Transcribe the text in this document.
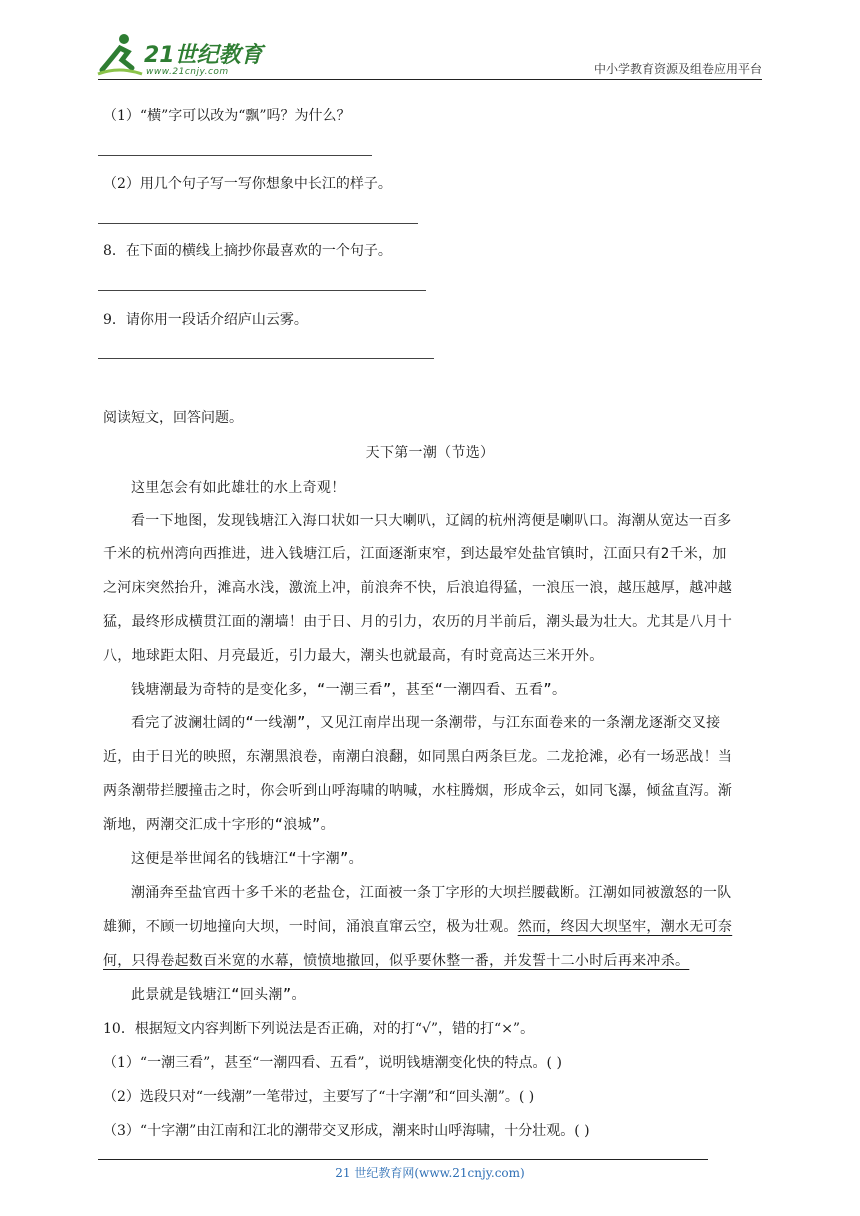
21世纪教育
www.21cnjy.com	中小学教育资源及组卷应用平台
（1）“横”字可以改为“飘”吗？为什么？
（2）用几个句子写一写你想象中长江的样子。
8．在下面的横线上摘抄你最喜欢的一个句子。
9．请你用一段话介绍庐山云雾。
阅读短文，回答问题。
天下第一潮（节选）
这里怎会有如此雄壮的水上奇观！
看一下地图，发现钱塘江入海口状如一只大喇叭，辽阔的杭州湾便是喇叭口。海潮从宽达一百多
千米的杭州湾向西推进，进入钱塘江后，江面逐渐束窄，到达最窄处盐官镇时，江面只有2千米，加
之河床突然抬升，滩高水浅，激流上冲，前浪奔不快，后浪追得猛，一浪压一浪，越压越厚，越冲越
猛，最终形成横贯江面的潮墙！由于日、月的引力，农历的月半前后，潮头最为壮大。尤其是八月十
八，地球距太阳、月亮最近，引力最大，潮头也就最高，有时竟高达三米开外。
钱塘潮最为奇特的是变化多，“一潮三看”，甚至“一潮四看、五看”。
看完了波澜壮阔的“一线潮”，又见江南岸出现一条潮带，与江东面卷来的一条潮龙逐渐交叉接
近，由于日光的映照，东潮黑浪卷，南潮白浪翻，如同黑白两条巨龙。二龙抢滩，必有一场恶战！当
两条潮带拦腰撞击之时，你会听到山呼海啸的呐喊，水柱腾烟，形成伞云，如同飞瀑，倾盆直泻。渐
渐地，两潮交汇成十字形的“浪城”。
这便是举世闻名的钱塘江“十字潮”。
潮涌奔至盐官西十多千米的老盐仓，江面被一条丁字形的大坝拦腰截断。江潮如同被激怒的一队
雄狮，不顾一切地撞向大坝，一时间，涌浪直窜云空，极为壮观。然而，终因大坝坚牢，潮水无可奈
何，只得卷起数百米宽的水幕，愤愤地撤回，似乎要休整一番，并发誓十二小时后再来冲杀。
此景就是钱塘江“回头潮”。
10．根据短文内容判断下列说法是否正确，对的打“√”，错的打“×”。
（1）“一潮三看”，甚至“一潮四看、五看”，说明钱塘潮变化快的特点。( )
（2）选段只对“一线潮”一笔带过，主要写了“十字潮”和“回头潮”。( )
（3）“十字潮”由江南和江北的潮带交叉形成，潮来时山呼海啸，十分壮观。( )
21 世纪教育网(www.21cnjy.com)
